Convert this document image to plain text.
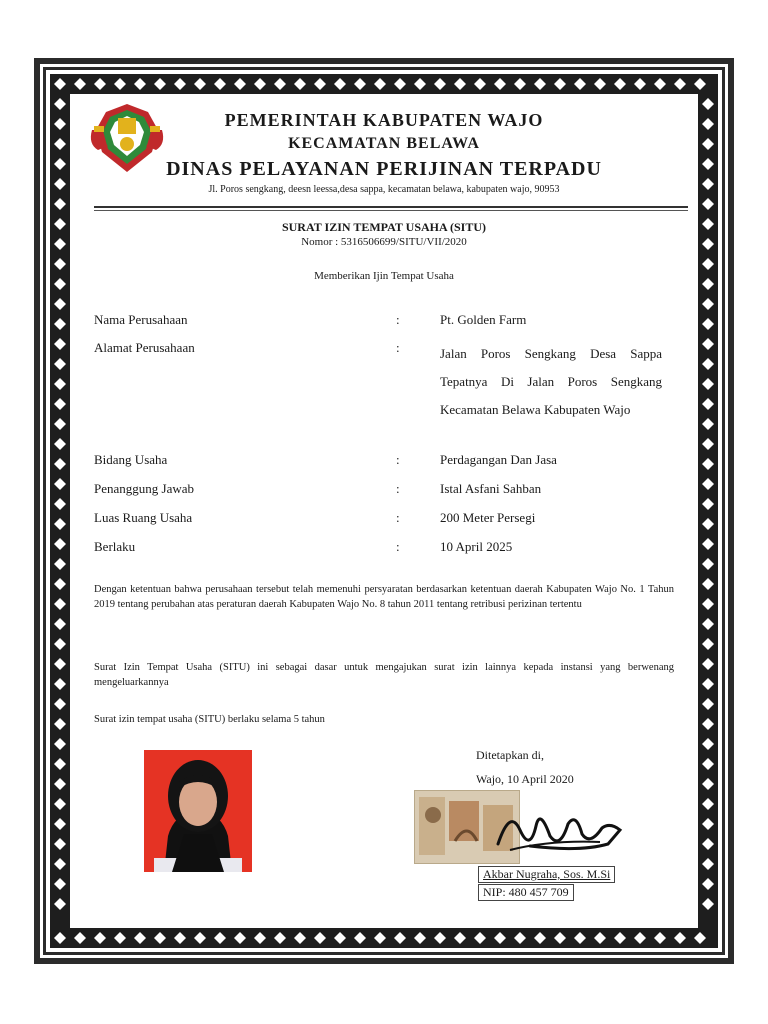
PEMERINTAH KABUPATEN WAJO
KECAMATAN BELAWA
DINAS PELAYANAN PERIJINAN TERPADU
Jl. Poros sengkang, deesn leessa,desa sappa, kecamatan belawa, kabupaten wajo, 90953
SURAT IZIN TEMPAT USAHA (SITU)
Nomor : 5316506699/SITU/VII/2020
Memberikan Ijin Tempat Usaha
Nama Perusahaan	:	Pt. Golden Farm
Alamat Perusahaan	:	Jalan Poros Sengkang Desa Sappa Tepatnya Di Jalan Poros Sengkang Kecamatan Belawa Kabupaten Wajo
Bidang Usaha	:	Perdagangan Dan Jasa
Penanggung Jawab	:	Istal Asfani Sahban
Luas Ruang Usaha	:	200 Meter Persegi
Berlaku	:	10 April 2025
Dengan ketentuan bahwa perusahaan tersebut telah memenuhi persyaratan berdasarkan ketentuan daerah Kabupaten Wajo No. 1 Tahun 2019 tentang perubahan atas peraturan daerah Kabupaten Wajo No. 8 tahun 2011 tentang retribusi perizinan tertentu
Surat Izin Tempat Usaha (SITU) ini sebagai dasar untuk mengajukan surat izin lainnya kepada instansi yang berwenang mengeluarkannya
Surat izin tempat usaha (SITU) berlaku selama 5 tahun
Ditetapkan di,
Wajo, 10 April 2020
Akbar Nugraha, Sos. M.Si
NIP: 480 457 709
